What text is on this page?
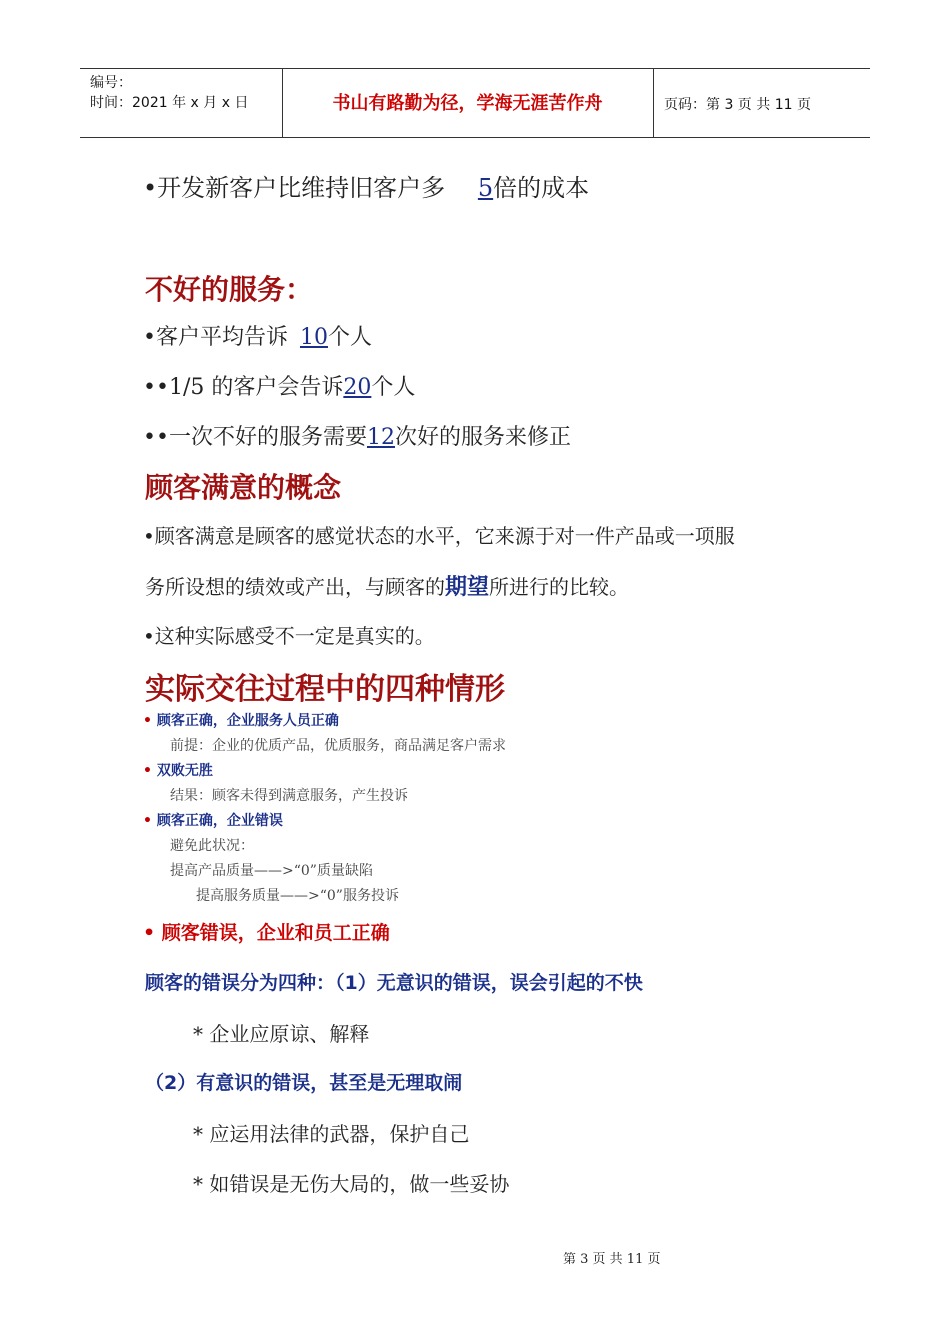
编号：
时间：2021 年 x 月 x 日	书山有路勤为径，学海无涯苦作舟	页码：第 3 页 共 11 页
•开发新客户比维持旧客户多5倍的成本
不好的服务：
•客户平均告诉10个人
••1/5 的客户会告诉20个人
••一次不好的服务需要12次好的服务来修正
顾客满意的概念
•顾客满意是顾客的感觉状态的水平，它来源于对一件产品或一项服
务所设想的绩效或产出，与顾客的期望所进行的比较。
•这种实际感受不一定是真实的。
实际交往过程中的四种情形
• 顾客正确，企业服务人员正确
前提：企业的优质产品，优质服务，商品满足客户需求
• 双败无胜
结果：顾客未得到满意服务，产生投诉
• 顾客正确，企业错误
避免此状况：
提高产品质量——>“0”质量缺陷
提高服务质量——>“0”服务投诉
• 顾客错误，企业和员工正确
顾客的错误分为四种：（1）无意识的错误，误会引起的不快
* 企业应原谅、解释
（2）有意识的错误，甚至是无理取闹
* 应运用法律的武器，保护自己
* 如错误是无伤大局的，做一些妥协
第 3 页 共 11 页
